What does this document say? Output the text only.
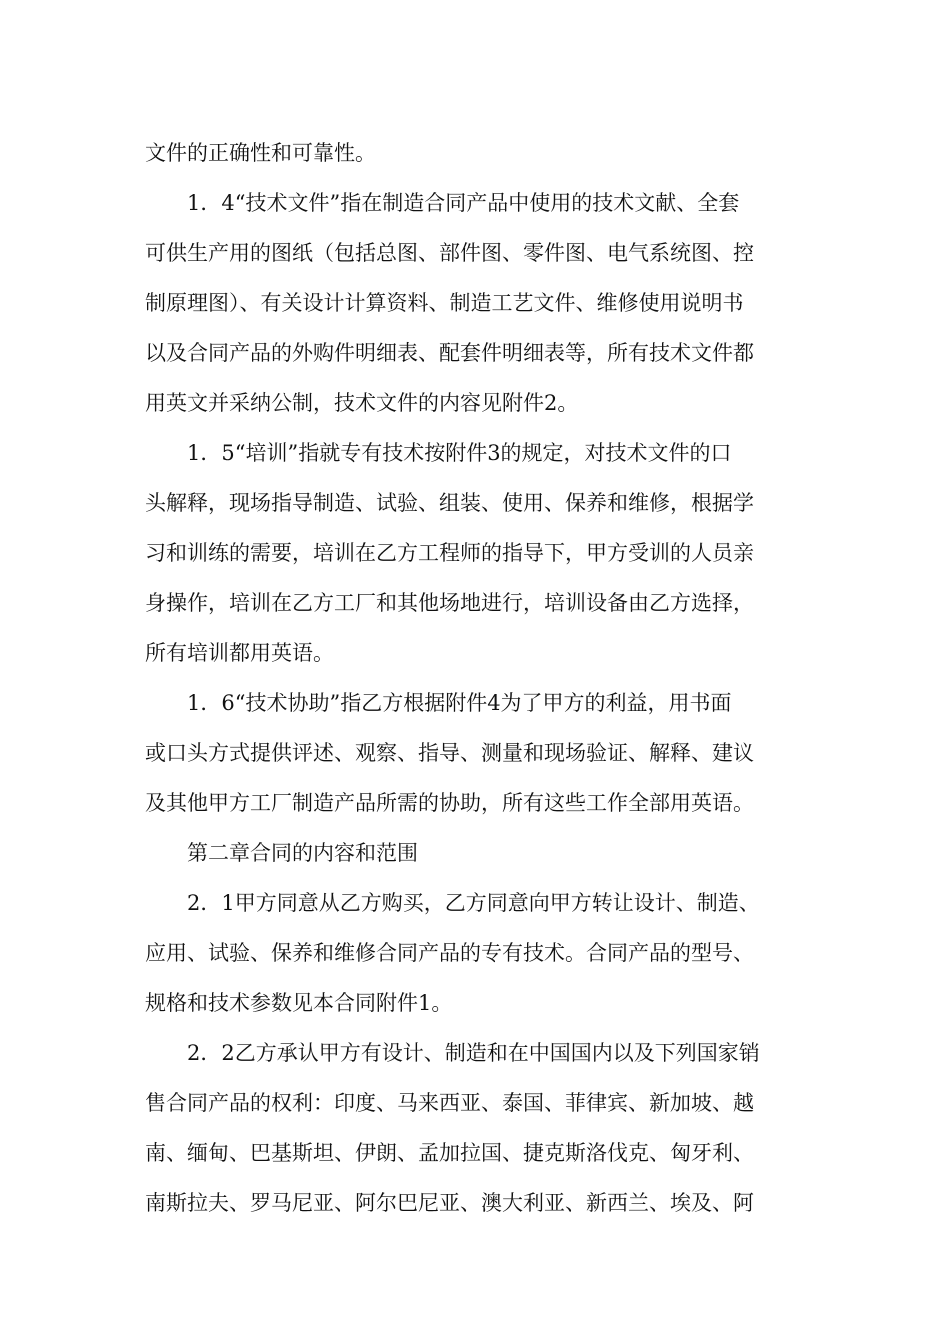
文件的正确性和可靠性。
1．4“技术文件”指在制造合同产品中使用的技术文献、全套
可供生产用的图纸（包括总图、部件图、零件图、电气系统图、控
制原理图）、有关设计计算资料、制造工艺文件、维修使用说明书
以及合同产品的外购件明细表、配套件明细表等，所有技术文件都
用英文并采纳公制，技术文件的内容见附件2。
1．5“培训”指就专有技术按附件3的规定，对技术文件的口
头解释，现场指导制造、试验、组装、使用、保养和维修，根据学
习和训练的需要，培训在乙方工程师的指导下，甲方受训的人员亲
身操作，培训在乙方工厂和其他场地进行，培训设备由乙方选择，
所有培训都用英语。
1．6“技术协助”指乙方根据附件4为了甲方的利益，用书面
或口头方式提供评述、观察、指导、测量和现场验证、解释、建议
及其他甲方工厂制造产品所需的协助，所有这些工作全部用英语。
第二章合同的内容和范围
2．1甲方同意从乙方购买，乙方同意向甲方转让设计、制造、
应用、试验、保养和维修合同产品的专有技术。合同产品的型号、
规格和技术参数见本合同附件1。
2．2乙方承认甲方有设计、制造和在中国国内以及下列国家销
售合同产品的权利：印度、马来西亚、泰国、菲律宾、新加坡、越
南、缅甸、巴基斯坦、伊朗、孟加拉国、捷克斯洛伐克、匈牙利、
南斯拉夫、罗马尼亚、阿尔巴尼亚、澳大利亚、新西兰、埃及、阿
